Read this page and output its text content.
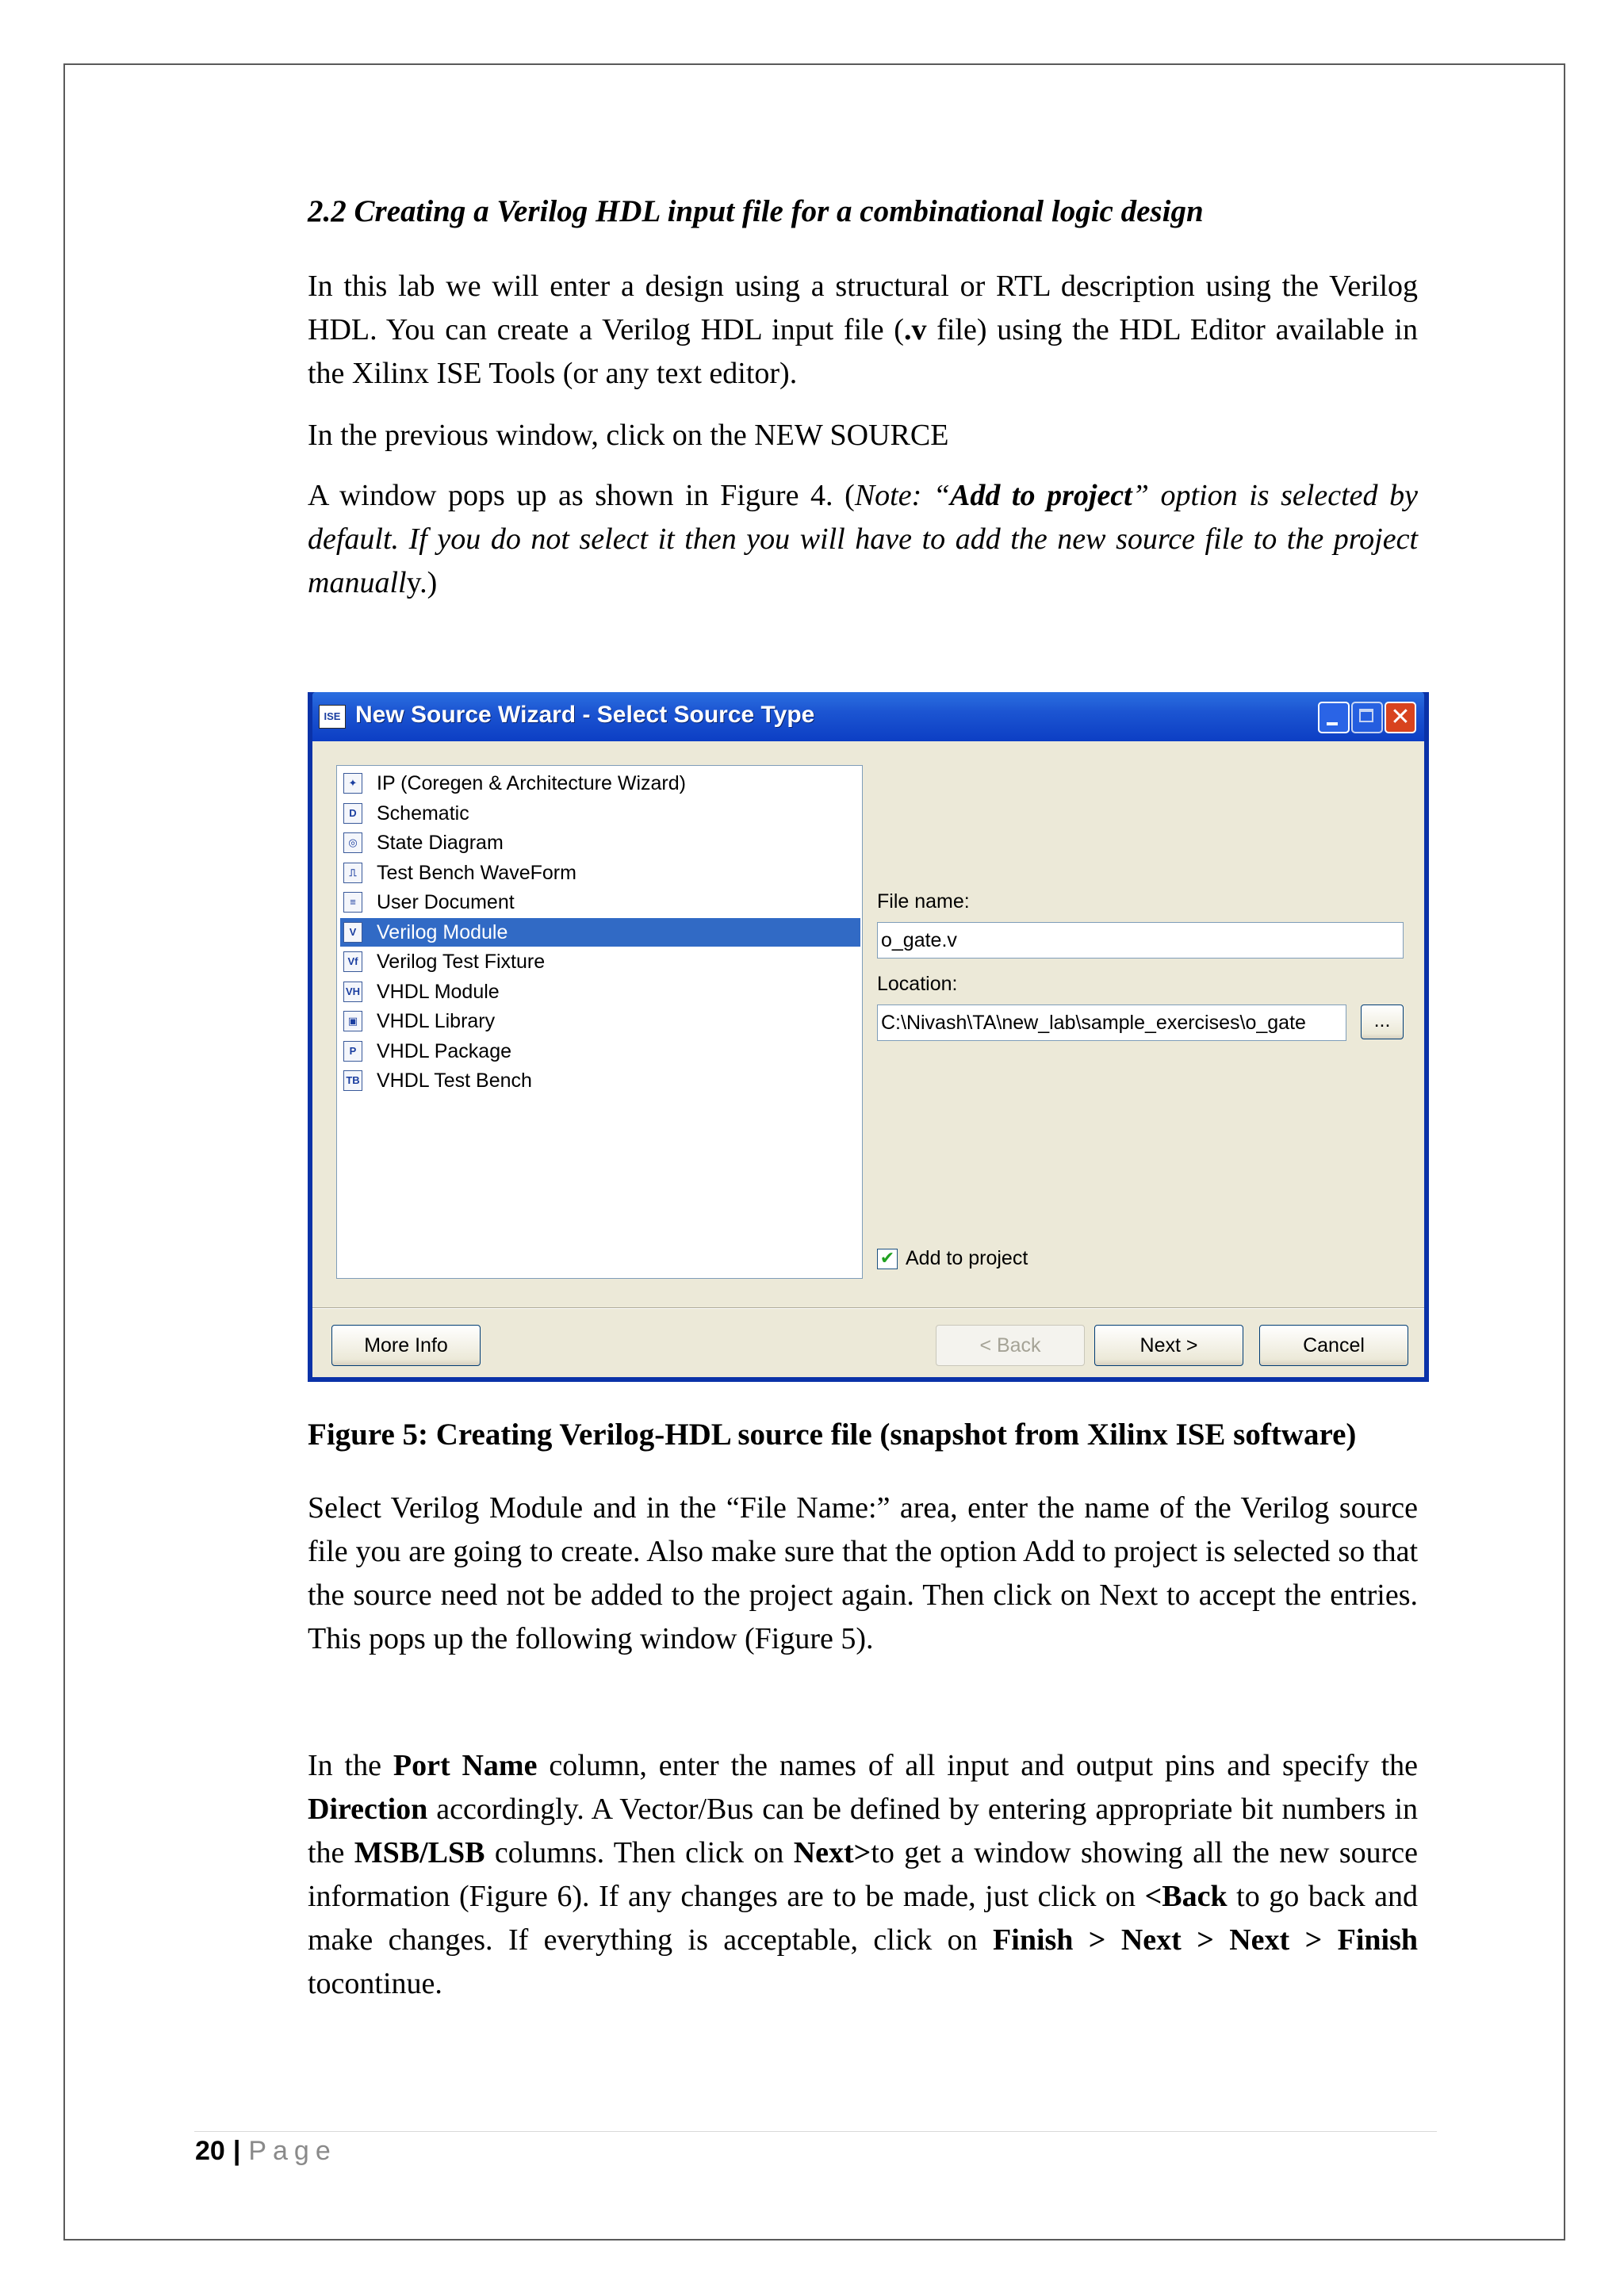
2.2 Creating a Verilog HDL input file for a combinational logic design
In this lab we will enter a design using a structural or RTL description using the Verilog HDL. You can create a Verilog HDL input file (.v file) using the HDL Editor available in the Xilinx ISE Tools (or any text editor).
In the previous window, click on the NEW SOURCE
A window pops up as shown in Figure 4. (Note: “Add to project” option is selected by default. If you do not select it then you will have to add the new source file to the project manually.)
ISE New Source Wizard - Select Source Type	✕
✦ IP (Coregen & Architecture Wizard)
D Schematic
◎ State Diagram
⎍ Test Bench WaveForm
≡	User Document
V	Verilog Module
Vf Verilog Test Fixture
VH VHDL Module
▣ VHDL Library
P	VHDL Package
TB VHDL Test Bench
File name:
o_gate.v
Location:
C:\Nivash\TA\new_lab\sample_exercises\o_gate	...
✔ Add to project
More Info	< Back	Next >	Cancel
Figure 5: Creating Verilog-HDL source file (snapshot from Xilinx ISE software)
Select Verilog Module and in the “File Name:” area, enter the name of the Verilog source file you are going to create. Also make sure that the option Add to project is selected so that the source need not be added to the project again. Then click on Next to accept the entries. This pops up the following window (Figure 5).
In the Port Name column, enter the names of all input and output pins and specify the Direction accordingly. A Vector/Bus can be defined by entering appropriate bit numbers in the MSB/LSB columns. Then click on Next>to get a window showing all the new source information (Figure 6). If any changes are to be made, just click on <Back to go back and make changes. If everything is acceptable, click on Finish > Next > Next > Finish tocontinue.
20 | Page
